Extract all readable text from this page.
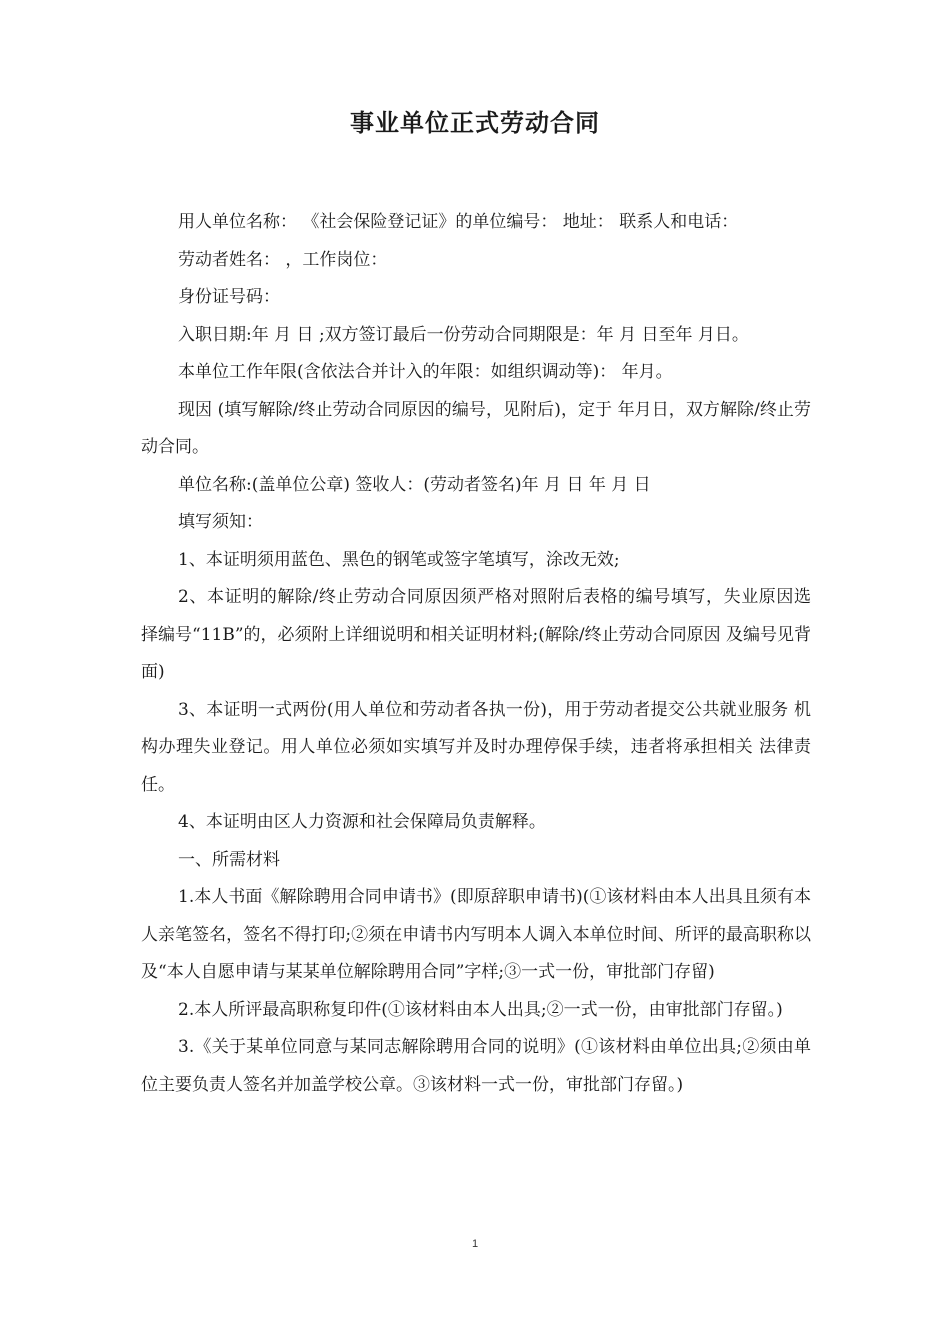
事业单位正式劳动合同

用人单位名称： 《社会保险登记证》的单位编号： 地址： 联系人和电话：

劳动者姓名： ，工作岗位：

身份证号码：

入职日期:年 月 日 ;双方签订最后一份劳动合同期限是：年 月 日至年 月日。

本单位工作年限(含依法合并计入的年限：如组织调动等)： 年月。

现因 (填写解除/终止劳动合同原因的编号，见附后)，定于 年月日，双方解除/终止劳动合同。

单位名称:(盖单位公章) 签收人：(劳动者签名)年 月 日 年 月 日

填写须知：

1、本证明须用蓝色、黑色的钢笔或签字笔填写，涂改无效;

2、本证明的解除/终止劳动合同原因须严格对照附后表格的编号填写，失业原因选 择编号“11B”的，必须附上详细说明和相关证明材料;(解除/终止劳动合同原因 及编号见背面)

3、本证明一式两份(用人单位和劳动者各执一份)，用于劳动者提交公共就业服务 机构办理失业登记。用人单位必须如实填写并及时办理停保手续，违者将承担相关 法律责任。

4、本证明由区人力资源和社会保障局负责解释。

一、所需材料

1.本人书面《解除聘用合同申请书》(即原辞职申请书)(①该材料由本人出具且须有本人亲笔签名，签名不得打印;②须在申请书内写明本人调入本单位时间、所评的最高职称以及“本人自愿申请与某某单位解除聘用合同”字样;③一式一份，审批部门存留)

2.本人所评最高职称复印件(①该材料由本人出具;②一式一份，由审批部门存留。)

3.《关于某单位同意与某同志解除聘用合同的说明》(①该材料由单位出具;②须由单位主要负责人签名并加盖学校公章。③该材料一式一份，审批部门存留。)

1
